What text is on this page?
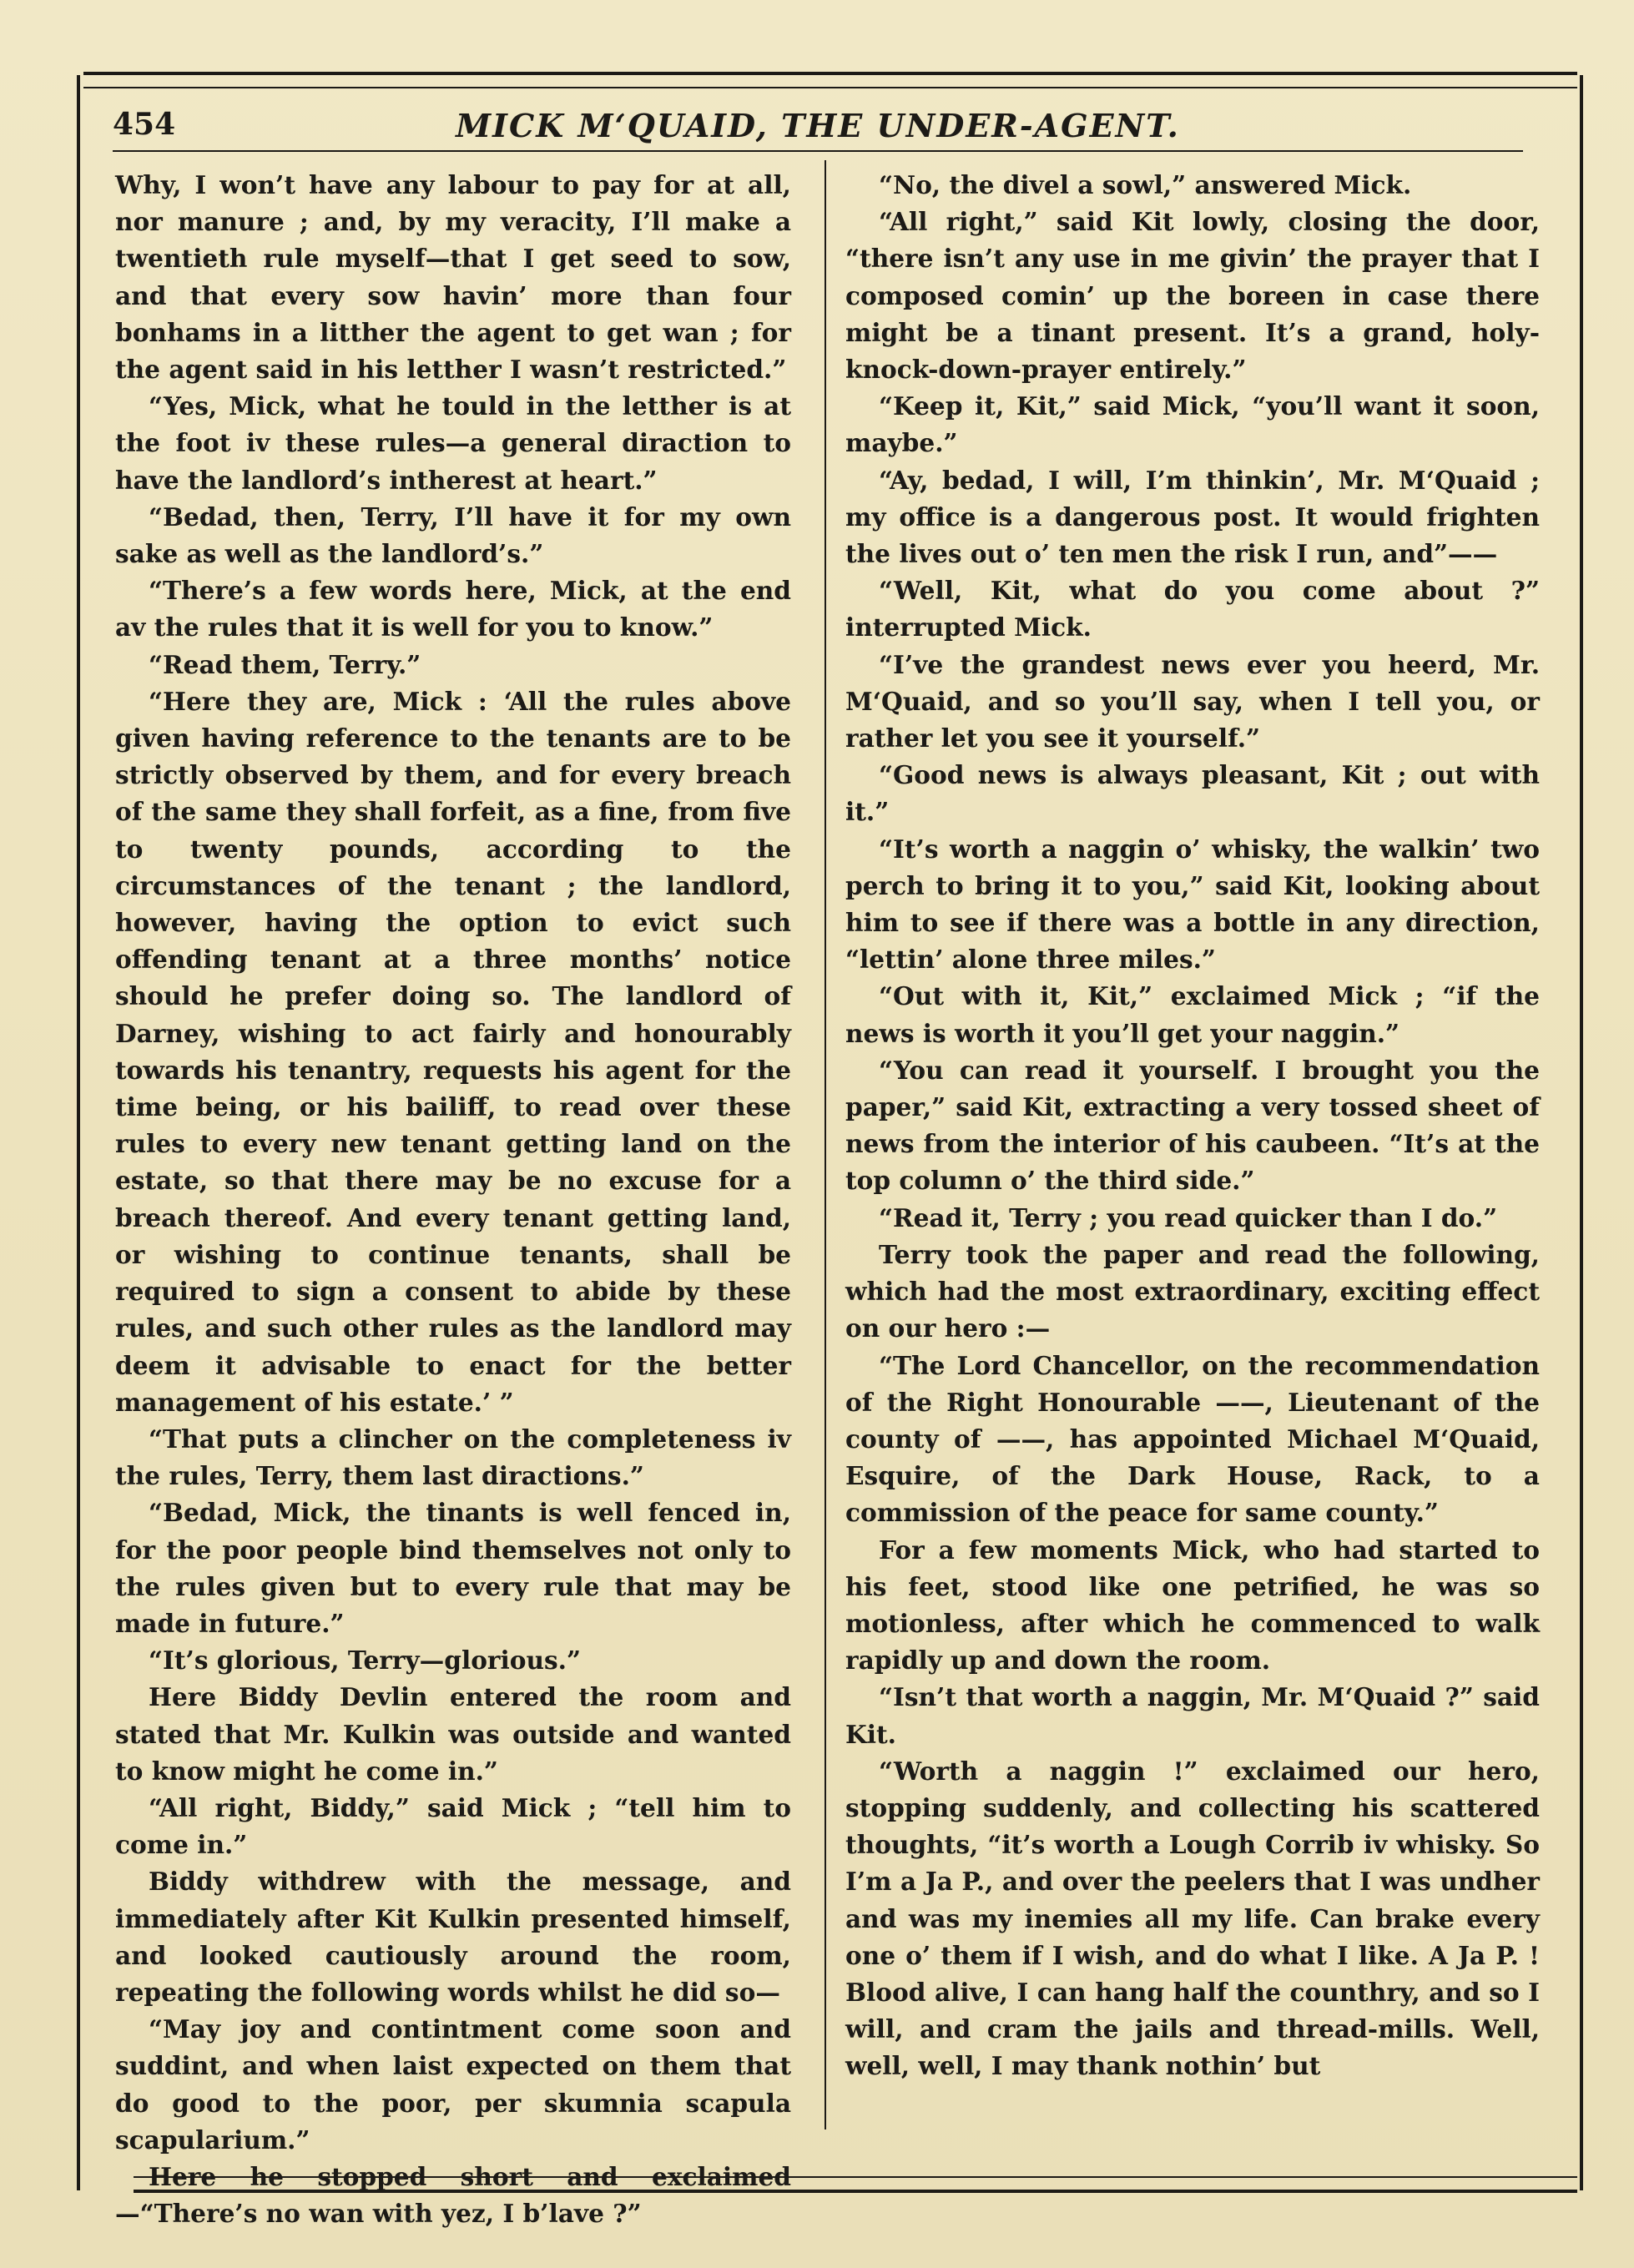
454	MICK M‘QUAID, THE UNDER-AGENT.

Why, I won’t have any labour to pay for at all, nor manure ; and, by my veracity, I’ll make a twentieth rule myself—that I get seed to sow, and that every sow havin’ more than four bonhams in a litther the agent to get wan ; for the agent said in his letther I wasn’t restricted.”

“Yes, Mick, what he tould in the letther is at the foot iv these rules—a general diraction to have the landlord’s intherest at heart.”

“Bedad, then, Terry, I’ll have it for my own sake as well as the landlord’s.”

“There’s a few words here, Mick, at the end av the rules that it is well for you to know.”

“Read them, Terry.”

“Here they are, Mick : ‘All the rules above given having reference to the tenants are to be strictly observed by them, and for every breach of the same they shall forfeit, as a fine, from five to twenty pounds, according to the circumstances of the tenant ; the landlord, however, having the option to evict such offending tenant at a three months’ notice should he prefer doing so. The landlord of Darney, wishing to act fairly and honourably towards his tenantry, requests his agent for the time being, or his bailiff, to read over these rules to every new tenant getting land on the estate, so that there may be no excuse for a breach thereof. And every tenant getting land, or wishing to continue tenants, shall be required to sign a consent to abide by these rules, and such other rules as the landlord may deem it advisable to enact for the better management of his estate.’ ”

“That puts a clincher on the completeness iv the rules, Terry, them last diractions.”

“Bedad, Mick, the tinants is well fenced in, for the poor people bind themselves not only to the rules given but to every rule that may be made in future.”

“It’s glorious, Terry—glorious.”

Here Biddy Devlin entered the room and stated that Mr. Kulkin was outside and wanted to know might he come in.”

“All right, Biddy,” said Mick ; “tell him to come in.”

Biddy withdrew with the message, and immediately after Kit Kulkin presented himself, and looked cautiously around the room, repeating the following words whilst he did so—

“May joy and contintment come soon and suddint, and when laist expected on them that do good to the poor, per skumnia scapula scapularium.”

Here he stopped short and exclaimed—“There’s no wan with yez, I b’lave ?”

“No, the divel a sowl,” answered Mick.

“All right,” said Kit lowly, closing the door, “there isn’t any use in me givin’ the prayer that I composed comin’ up the boreen in case there might be a tinant present. It’s a grand, holy-knock-down-prayer entirely.”

“Keep it, Kit,” said Mick, “you’ll want it soon, maybe.”

“Ay, bedad, I will, I’m thinkin’, Mr. M‘Quaid ; my office is a dangerous post. It would frighten the lives out o’ ten men the risk I run, and”——

“Well, Kit, what do you come about ?” interrupted Mick.

“I’ve the grandest news ever you heerd, Mr. M‘Quaid, and so you’ll say, when I tell you, or rather let you see it yourself.”

“Good news is always pleasant, Kit ; out with it.”

“It’s worth a naggin o’ whisky, the walkin’ two perch to bring it to you,” said Kit, looking about him to see if there was a bottle in any direction, “lettin’ alone three miles.”

“Out with it, Kit,” exclaimed Mick ; “if the news is worth it you’ll get your naggin.”

“You can read it yourself. I brought you the paper,” said Kit, extracting a very tossed sheet of news from the interior of his caubeen. “It’s at the top column o’ the third side.”

“Read it, Terry ; you read quicker than I do.”

Terry took the paper and read the following, which had the most extraordinary, exciting effect on our hero :—

“The Lord Chancellor, on the recommendation of the Right Honourable ——, Lieutenant of the county of ——, has appointed Michael M‘Quaid, Esquire, of the Dark House, Rack, to a commission of the peace for same county.”

For a few moments Mick, who had started to his feet, stood like one petrified, he was so motionless, after which he commenced to walk rapidly up and down the room.

“Isn’t that worth a naggin, Mr. M‘Quaid ?” said Kit.

“Worth a naggin !” exclaimed our hero, stopping suddenly, and collecting his scattered thoughts, “it’s worth a Lough Corrib iv whisky. So I’m a Ja P., and over the peelers that I was undher and was my inemies all my life. Can brake every one o’ them if I wish, and do what I like. A Ja P. ! Blood alive, I can hang half the counthry, and so I will, and cram the jails and thread-mills. Well, well, well, I may thank nothin’ but
